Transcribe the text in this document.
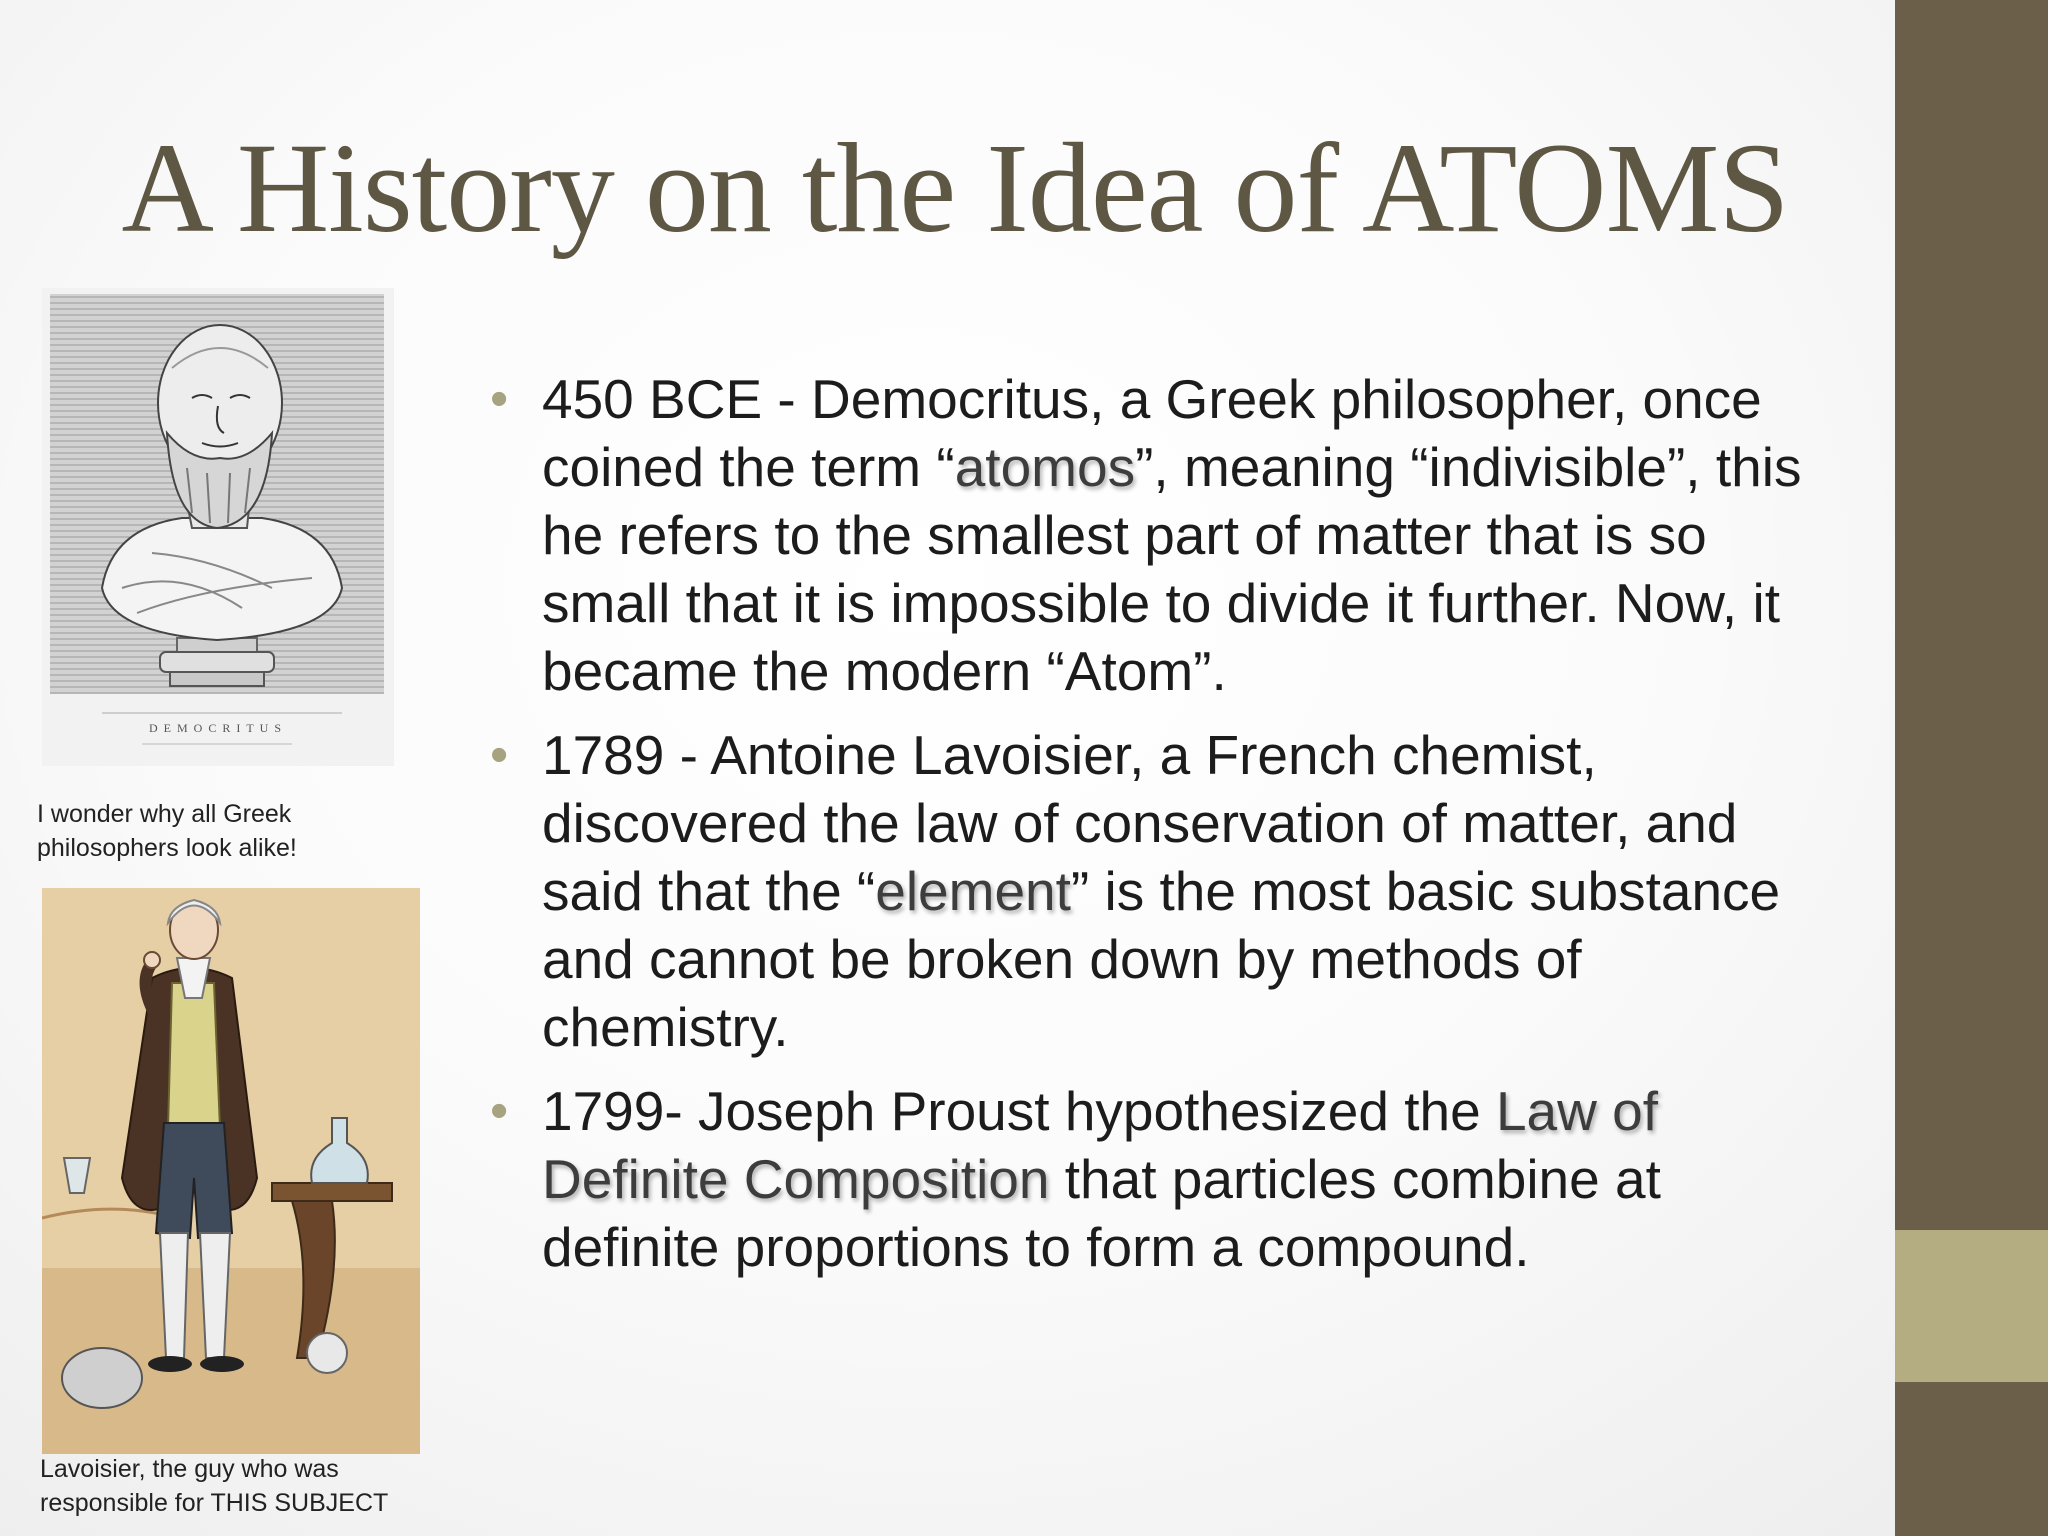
A History on the Idea of ATOMS
DEMOCRITUS

I wonder why all Greek philosophers look alike!

Lavoisier, the guy who was responsible for THIS SUBJECT

• 450 BCE - Democritus, a Greek philosopher, once coined the term “atomos”, meaning “indivisible”, this he refers to the smallest part of matter that is so small that it is impossible to divide it further. Now, it became the modern “Atom”.
• 1789 - Antoine Lavoisier, a French chemist, discovered the law of conservation of matter, and said that the “element” is the most basic substance and cannot be broken down by methods of chemistry.
• 1799- Joseph Proust hypothesized the Law of Definite Composition that particles combine at definite proportions to form a compound.
